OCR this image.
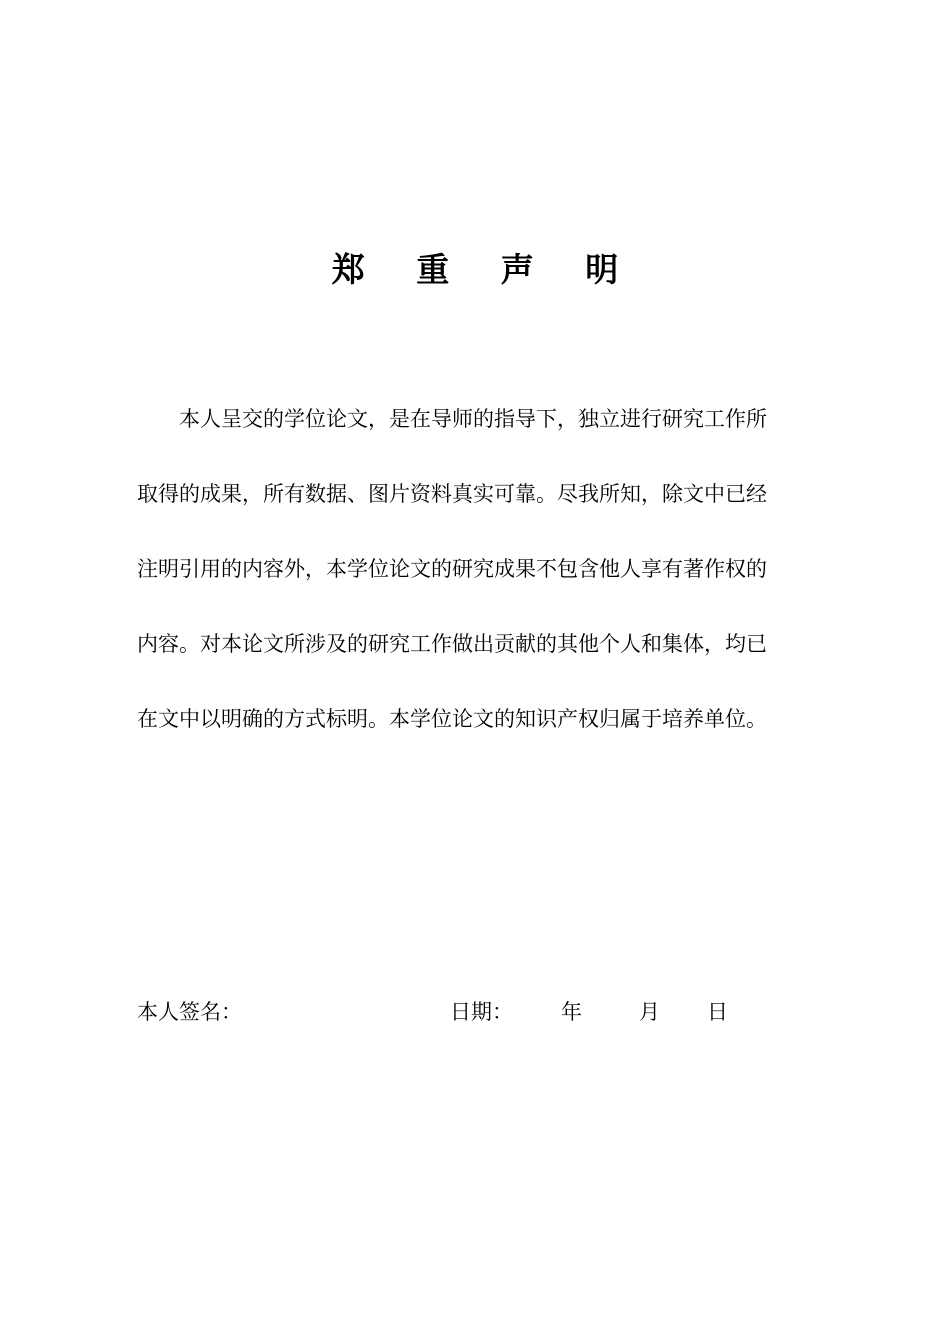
郑 重 声 明
本人呈交的学位论文，是在导师的指导下，独立进行研究工作所
取得的成果，所有数据、图片资料真实可靠。尽我所知，除文中已经
注明引用的内容外，本学位论文的研究成果不包含他人享有著作权的
内容。对本论文所涉及的研究工作做出贡献的其他个人和集体，均已
在文中以明确的方式标明。本学位论文的知识产权归属于培养单位。
本人签名：	日期： 年	月 日
